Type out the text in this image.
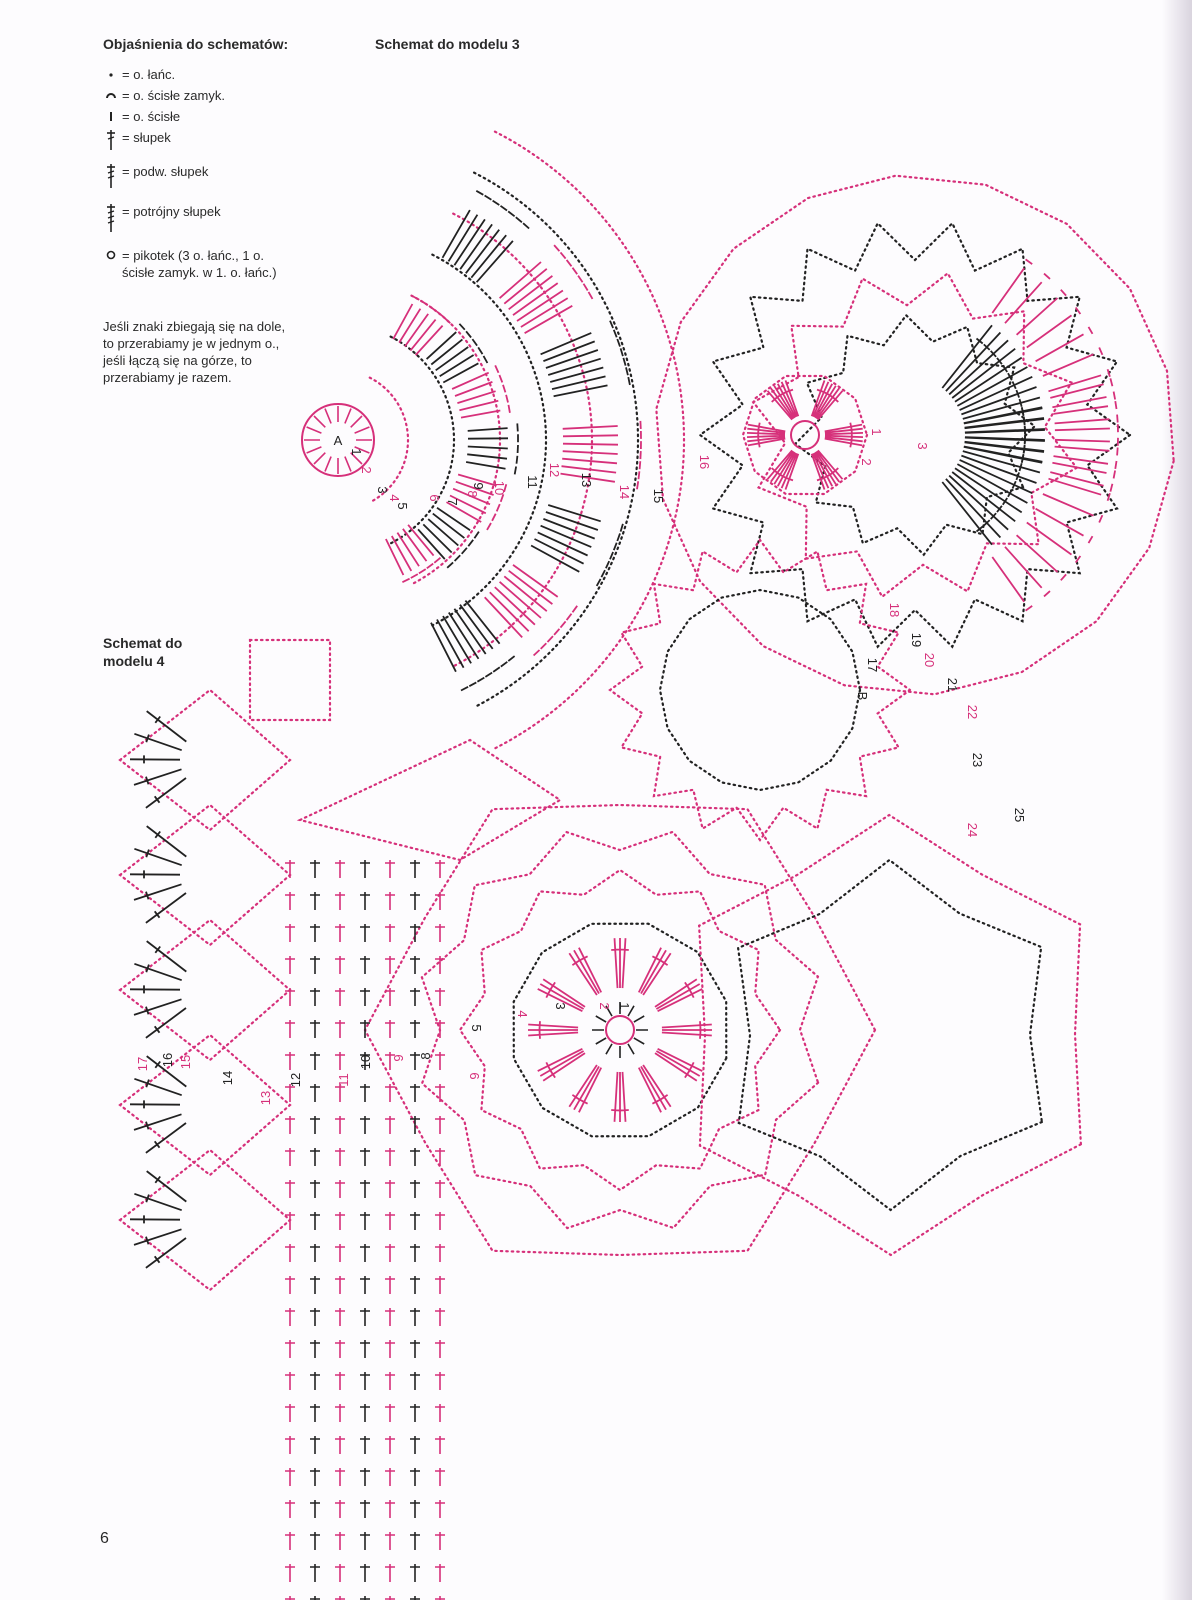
Objaśnienia do schematów:
= o. łańc.
= o. ścisłe zamyk.
= o. ścisłe
= słupek
= podw. słupek
= potrójny słupek
= pikotek (3 o. łańc., 1 o. ścisłe zamyk. w 1. o. łańc.)
Jeśli znaki zbiegają się na dole, to przerabiamy je w jednym o., jeśli łączą się na górze, to przerabiamy je razem.
Schemat do modelu 3
Schemat do modelu 4
A
B
1
2
3
4
5
6
7
8
9 10 11
12
13
14 15
16
17
18
19
20
21
22
23
24
25
1
2
3
1
2
3
4
5
6
8
9
10
11
12
13
14
15
16
17
6
